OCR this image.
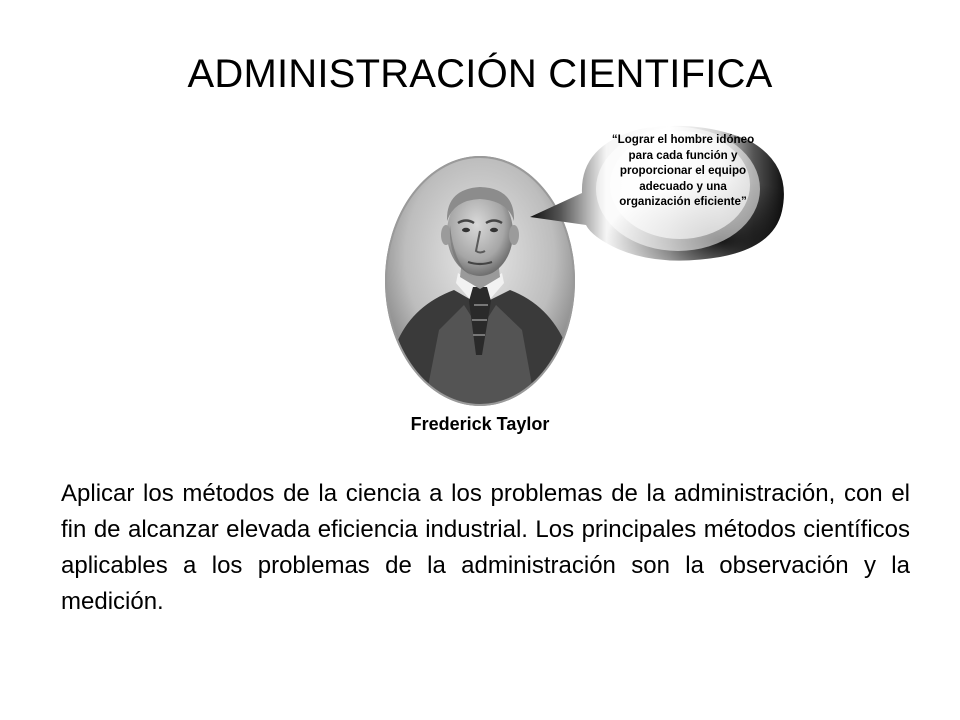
ADMINISTRACIÓN CIENTIFICA
“Lograr el hombre idóneo para cada función y proporcionar el equipo adecuado y una organización eficiente”
Frederick Taylor

Aplicar los métodos de la ciencia a los problemas de la administración, con el fin de alcanzar elevada eficiencia industrial. Los principales métodos científicos aplicables a los problemas de la administración son la observación y la medición.
